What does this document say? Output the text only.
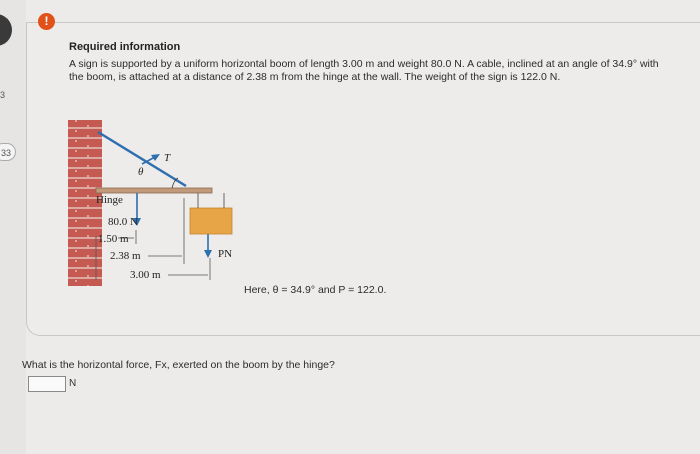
3
33
!
Required information
A sign is supported by a uniform horizontal boom of length 3.00 m and weight 80.0 N. A cable, inclined at an angle of 34.9° with the boom, is attached at a distance of 2.38 m from the hinge at the wall. The weight of the sign is 122.0 N.
T
θ
Hinge
80.0 N
1.50 m
2.38 m
3.00 m
PN
Here, θ = 34.9° and P = 122.0.
What is the horizontal force, Fx, exerted on the boom by the hinge?
N
